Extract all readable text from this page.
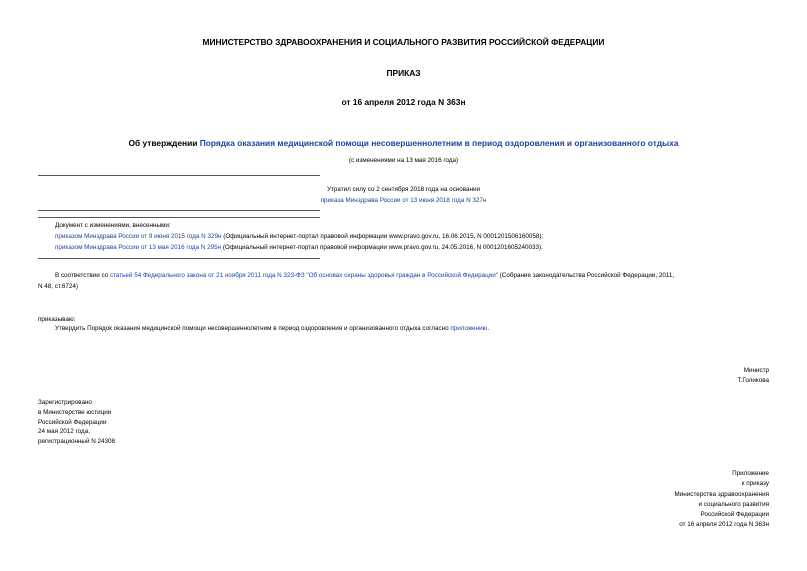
МИНИСТЕРСТВО ЗДРАВООХРАНЕНИЯ И СОЦИАЛЬНОГО РАЗВИТИЯ РОССИЙСКОЙ ФЕДЕРАЦИИ
ПРИКАЗ
от 16 апреля 2012 года N 363н
Об утверждении Порядка оказания медицинской помощи несовершеннолетним в период оздоровления и организованного отдыха
(с изменениями на 13 мая 2016 года)
Утратил силу со 2 сентября 2018 года на основании
приказа Минздрава России от 13 июня 2018 года N 327н
Документ с изменениями, внесенными:
приказом Минздрава России от 9 июня 2015 года N 329н (Официальный интернет-портал правовой информации www.pravo.gov.ru, 16.06.2015, N 0001201506160058);
приказом Минздрава России от 13 мая 2016 года N 295н (Официальный интернет-портал правовой информации www.pravo.gov.ru, 24.05.2016, N 0001201605240033).
В соответствии со статьей 54 Федерального закона от 21 ноября 2011 года N 323-ФЗ "Об основах охраны здоровья граждан в Российской Федерации" (Собрание законодательства Российской Федерации, 2011,
N 48, ст.6724)
приказываю:
Утвердить Порядок оказания медицинской помощи несовершеннолетним в период оздоровления и организованного отдыха согласно приложению.
Министр
Т.Голикова
Зарегистрировано
в Министерстве юстиции
Российской Федерации
24 мая 2012 года,
регистрационный N 24308
Приложение
к приказу
Министерства здравоохранения
и социального развития
Российской Федерации
от 16 апреля 2012 года N 363н
